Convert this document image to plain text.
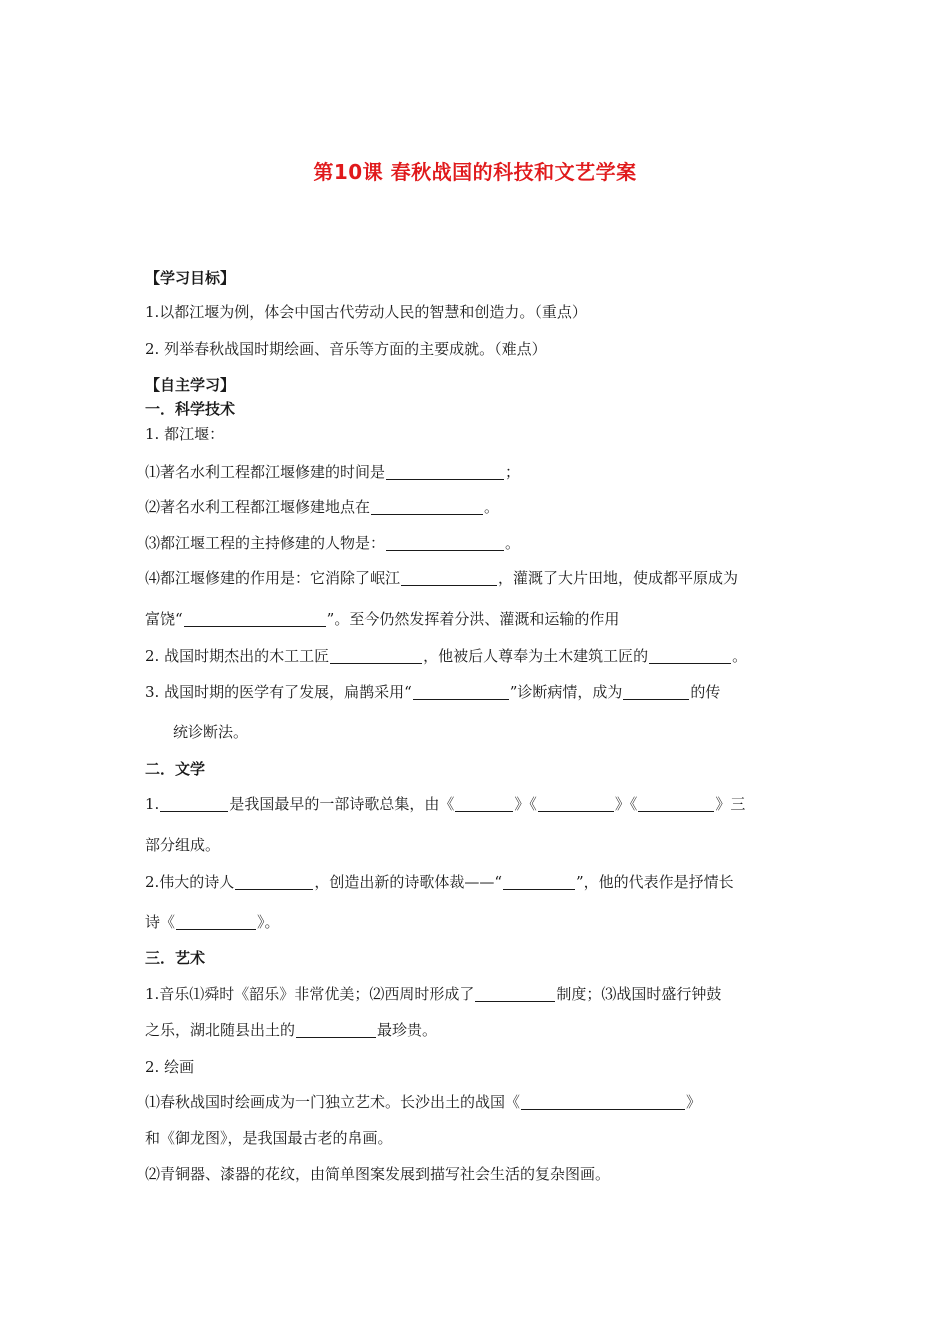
第10课 春秋战国的科技和文艺学案
【学习目标】
1.以都江堰为例，体会中国古代劳动人民的智慧和创造力。（重点）
2. 列举春秋战国时期绘画、音乐等方面的主要成就。（难点）
【自主学习】
一．科学技术
1. 都江堰：
⑴著名水利工程都江堰修建的时间是	；
⑵著名水利工程都江堰修建地点在	。
⑶都江堰工程的主持修建的人物是：	。
⑷都江堰修建的作用是：它消除了岷江	，灌溉了大片田地，使成都平原成为
富饶“	”。至今仍然发挥着分洪、灌溉和运输的作用
2. 战国时期杰出的木工工匠	，他被后人尊奉为土木建筑工匠的	。
3. 战国时期的医学有了发展，扁鹊采用“	”诊断病情，成为	的传
统诊断法。
二．文学
1.	是我国最早的一部诗歌总集，由《	》《	》《	》三
部分组成。
2.伟大的诗人	，创造出新的诗歌体裁——“	”，他的代表作是抒情长
诗《	》。
三．艺术
1.音乐⑴舜时《韶乐》非常优美；⑵西周时形成了	制度；⑶战国时盛行钟鼓
之乐，湖北随县出土的	最珍贵。
2. 绘画
⑴春秋战国时绘画成为一门独立艺术。长沙出土的战国《	》
和《御龙图》，是我国最古老的帛画。
⑵青铜器、漆器的花纹，由简单图案发展到描写社会生活的复杂图画。
